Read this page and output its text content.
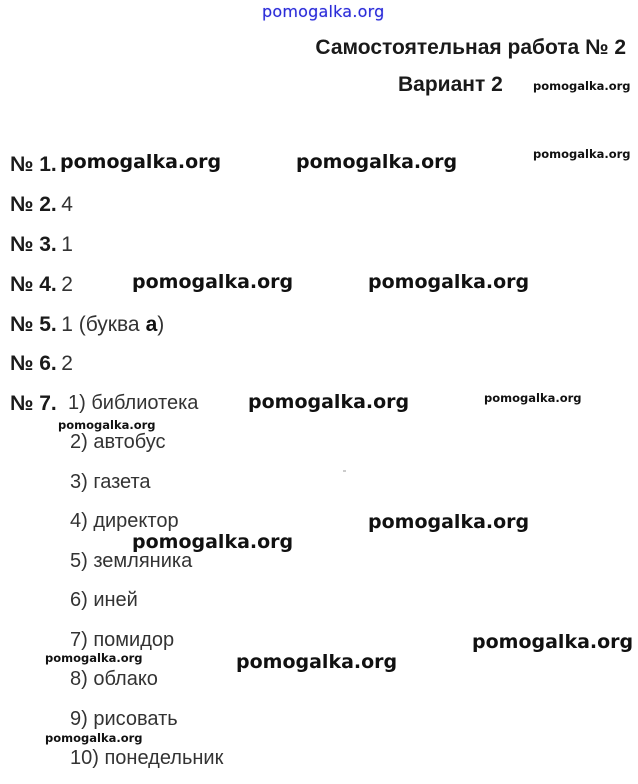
pomogalka.org
Самостоятельная работа № 2
Вариант 2
№ 1.
№ 2. 4
№ 3. 1
№ 4. 2
№ 5. 1 (буква а)
№ 6. 2
№ 7. 1) библиотека
2) автобус
3) газета
4) директор
5) земляника
6) иней
7) помидор
8) облако
9) рисовать
10) понедельник
pomogalka.org	pomogalka.org
pomogalka.org	pomogalka.org
pomogalka.org
pomogalka.org
pomogalka.org
pomogalka.org
pomogalka.org
pomogalka.org
pomogalka.org
pomogalka.org
pomogalka.org
pomogalka.org
pomogalka.org
